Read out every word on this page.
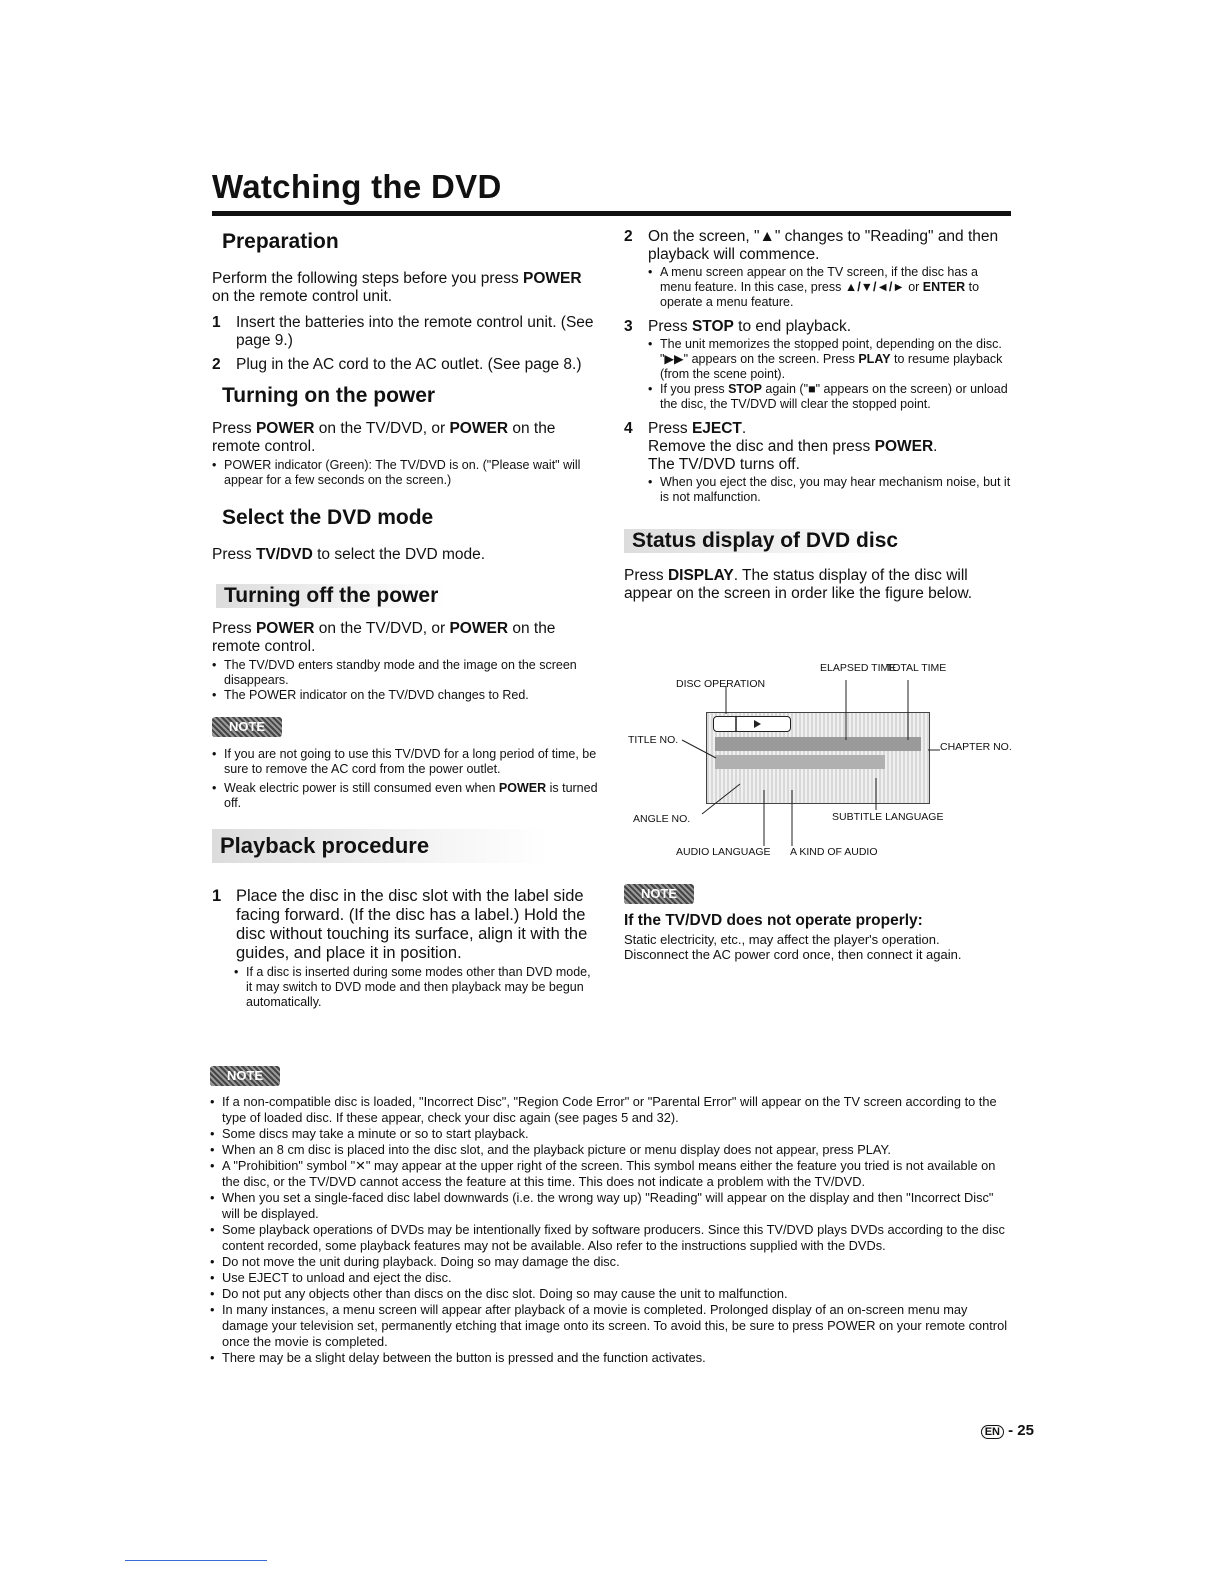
Watching the DVD
Preparation

Perform the following steps before you press POWER on the remote control unit.

1 Insert the batteries into the remote control unit. (See page 9.)
2 Plug in the AC cord to the AC outlet. (See page 8.)
Turning on the power

Press POWER on the TV/DVD, or POWER on the remote control.

• POWER indicator (Green): The TV/DVD is on. ("Please wait" will appear for a few seconds on the screen.)
Select the DVD mode

Press TV/DVD to select the DVD mode.

Turning off the power

Press POWER on the TV/DVD, or POWER on the remote control.

• The TV/DVD enters standby mode and the image on the screen disappears.
• The POWER indicator on the TV/DVD changes to Red.
NOTE
• If you are not going to use this TV/DVD for a long period of time, be sure to remove the AC cord from the power outlet.
• Weak electric power is still consumed even when POWER is turned off.
Playback procedure
1 Place the disc in the disc slot with the label side facing forward. (If the disc has a label.) Hold the disc without touching its surface, align it with the guides, and place it in position.
• If a disc is inserted during some modes other than DVD mode, it may switch to DVD mode and then playback may be begun automatically.
2 On the screen, "▲" changes to "Reading" and then playback will commence.
• A menu screen appear on the TV screen, if the disc has a menu feature. In this case, press ▲/▼/◄/► or ENTER to operate a menu feature.
3 Press STOP to end playback.
• The unit memorizes the stopped point, depending on the disc. "▶▶" appears on the screen. Press PLAY to resume playback (from the scene point).
• If you press STOP again ("■" appears on the screen) or unload the disc, the TV/DVD will clear the stopped point.
4 Press EJECT.
Remove the disc and then press POWER.
The TV/DVD turns off.
• When you eject the disc, you may hear mechanism noise, but it is not malfunction.
Status display of DVD disc

Press DISPLAY. The status display of the disc will appear on the screen in order like the figure below.

ELAPSED TIME
TOTAL TIME
DISC OPERATION
TITLE NO.
CHAPTER NO.
ANGLE NO.	SUBTITLE LANGUAGE
AUDIO LANGUAGE A KIND OF AUDIO
NOTE

If the TV/DVD does not operate properly:

Static electricity, etc., may affect the player's operation.

Disconnect the AC power cord once, then connect it again.

NOTE
• If a non-compatible disc is loaded, "Incorrect Disc", "Region Code Error" or "Parental Error" will appear on the TV screen according to the type of loaded disc. If these appear, check your disc again (see pages 5 and 32).
• Some discs may take a minute or so to start playback.
• When an 8 cm disc is placed into the disc slot, and the playback picture or menu display does not appear, press PLAY.
• A "Prohibition" symbol "✕" may appear at the upper right of the screen. This symbol means either the feature you tried is not available on the disc, or the TV/DVD cannot access the feature at this time. This does not indicate a problem with the TV/DVD.
• When you set a single-faced disc label downwards (i.e. the wrong way up) "Reading" will appear on the display and then "Incorrect Disc" will be displayed.
• Some playback operations of DVDs may be intentionally fixed by software producers. Since this TV/DVD plays DVDs according to the disc content recorded, some playback features may not be available. Also refer to the instructions supplied with the DVDs.
• Do not move the unit during playback. Doing so may damage the disc.
• Use EJECT to unload and eject the disc.
• Do not put any objects other than discs on the disc slot. Doing so may cause the unit to malfunction.
• In many instances, a menu screen will appear after playback of a movie is completed. Prolonged display of an on-screen menu may damage your television set, permanently etching that image onto its screen. To avoid this, be sure to press POWER on your remote control once the movie is completed.
• There may be a slight delay between the button is pressed and the function activates.
EN - 25
